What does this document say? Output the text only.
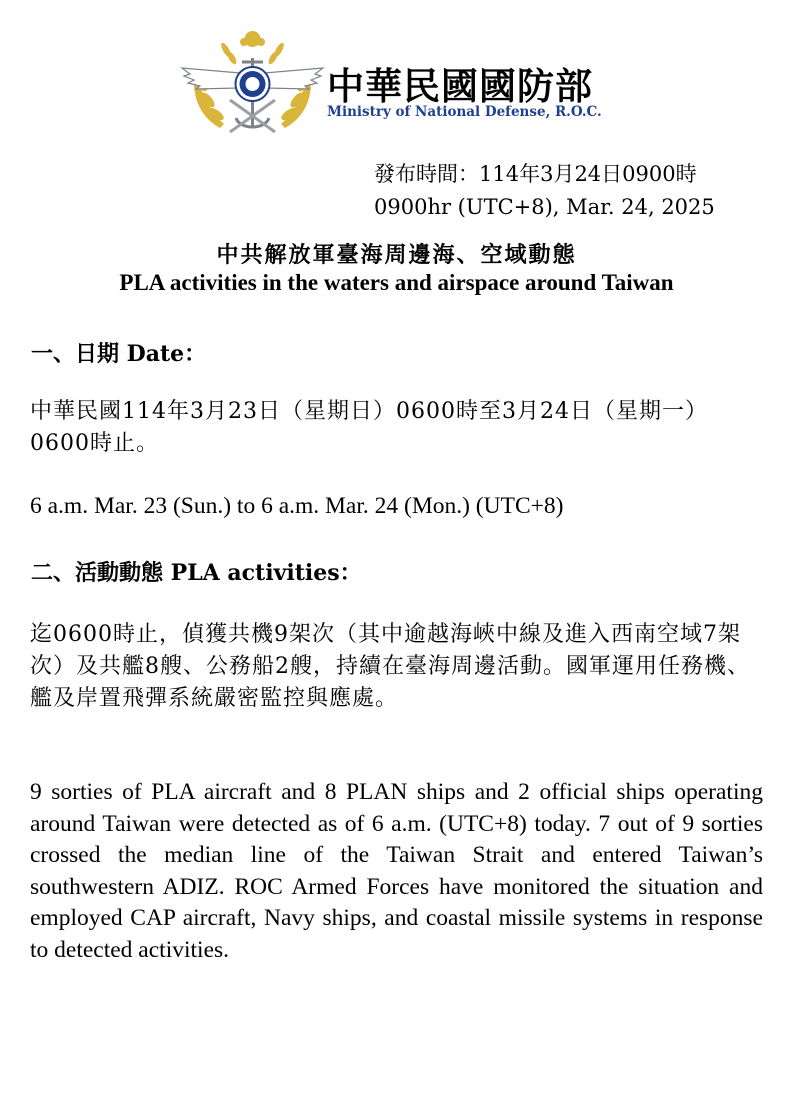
中華民國國防部
Ministry of National Defense, R.O.C.
發布時間：114年3月24日0900時
0900hr (UTC+8), Mar. 24, 2025
中共解放軍臺海周邊海、空域動態
PLA activities in the waters and airspace around Taiwan
一、日期 Date：
中華民國114年3月23日（星期日）0600時至3月24日（星期一）0600時止。
6 a.m. Mar. 23 (Sun.) to 6 a.m. Mar. 24 (Mon.) (UTC+8)
二、活動動態 PLA activities：
迄0600時止，偵獲共機9架次（其中逾越海峽中線及進入西南空域7架次）及共艦8艘、公務船2艘，持續在臺海周邊活動。國軍運用任務機、艦及岸置飛彈系統嚴密監控與應處。
9 sorties of PLA aircraft and 8 PLAN ships and 2 official ships operating around Taiwan were detected as of 6 a.m. (UTC+8) today. 7 out of 9 sorties crossed the median line of the Taiwan Strait and entered Taiwan’s southwestern ADIZ. ROC Armed Forces have monitored the situation and employed CAP aircraft, Navy ships, and coastal missile systems in response to detected activities.
